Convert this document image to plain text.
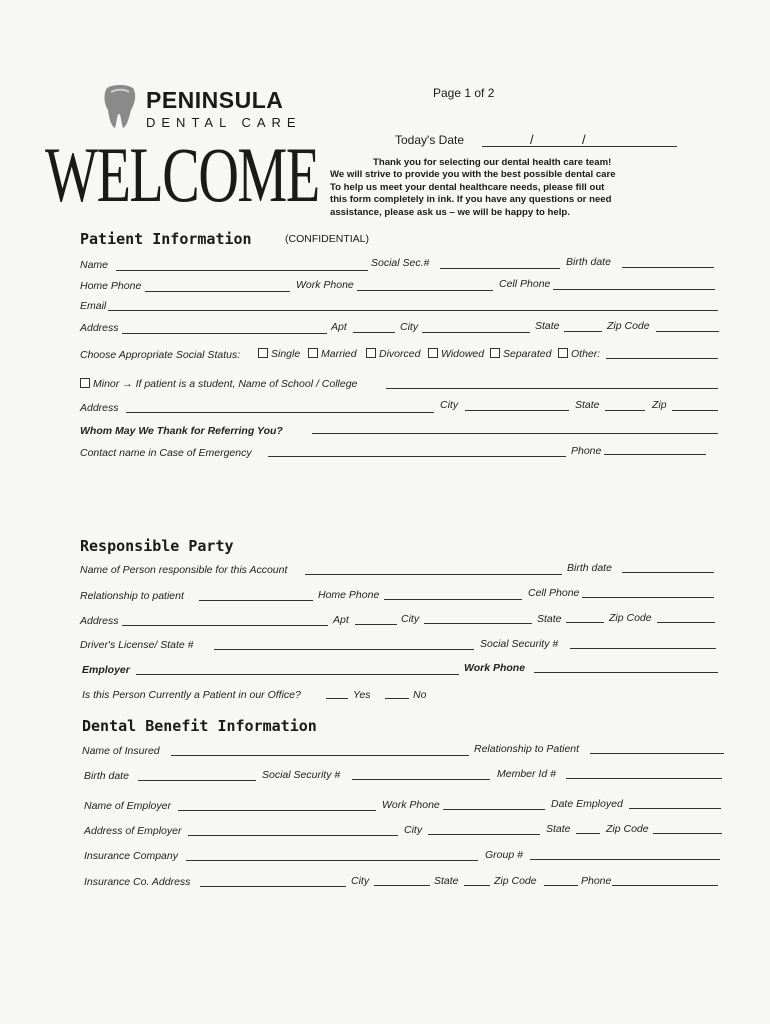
PENINSULA
DENTAL CARE
Page 1 of 2
Today's Date	/	/
WELCOME	Thank you for selecting our dental health care team!
We will strive to provide you with the best possible dental care
To help us meet your dental healthcare needs, please fill out
this form completely in ink. If you have any questions or need
assistance, please ask us – we will be happy to help.
Patient Information	(CONFIDENTIAL)
Name	Social Sec.#	Birth date
Home Phone	Work Phone	Cell Phone
Email
Address	Apt	City	State	Zip Code
Choose Appropriate Social Status:	Single	Married	Divorced	Widowed	Separated	Other:
Minor → If patient is a student, Name of School / College
Address	City	State	Zip
Whom May We Thank for Referring You?
Contact name in Case of Emergency	Phone
Responsible Party
Name of Person responsible for this Account	Birth date
Relationship to patient	Home Phone	Cell Phone
Address	Apt	City	State	Zip Code
Driver's License/ State #	Social Security #
Employer	Work Phone
Is this Person Currently a Patient in our Office?	Yes	No
Dental Benefit Information
Name of Insured	Relationship to Patient
Birth date	Social Security #	Member Id #
Name of Employer	Work Phone	Date Employed
Address of Employer	City	State	Zip Code
Insurance Company	Group #
Insurance Co. Address	City	State	Zip Code	Phone
